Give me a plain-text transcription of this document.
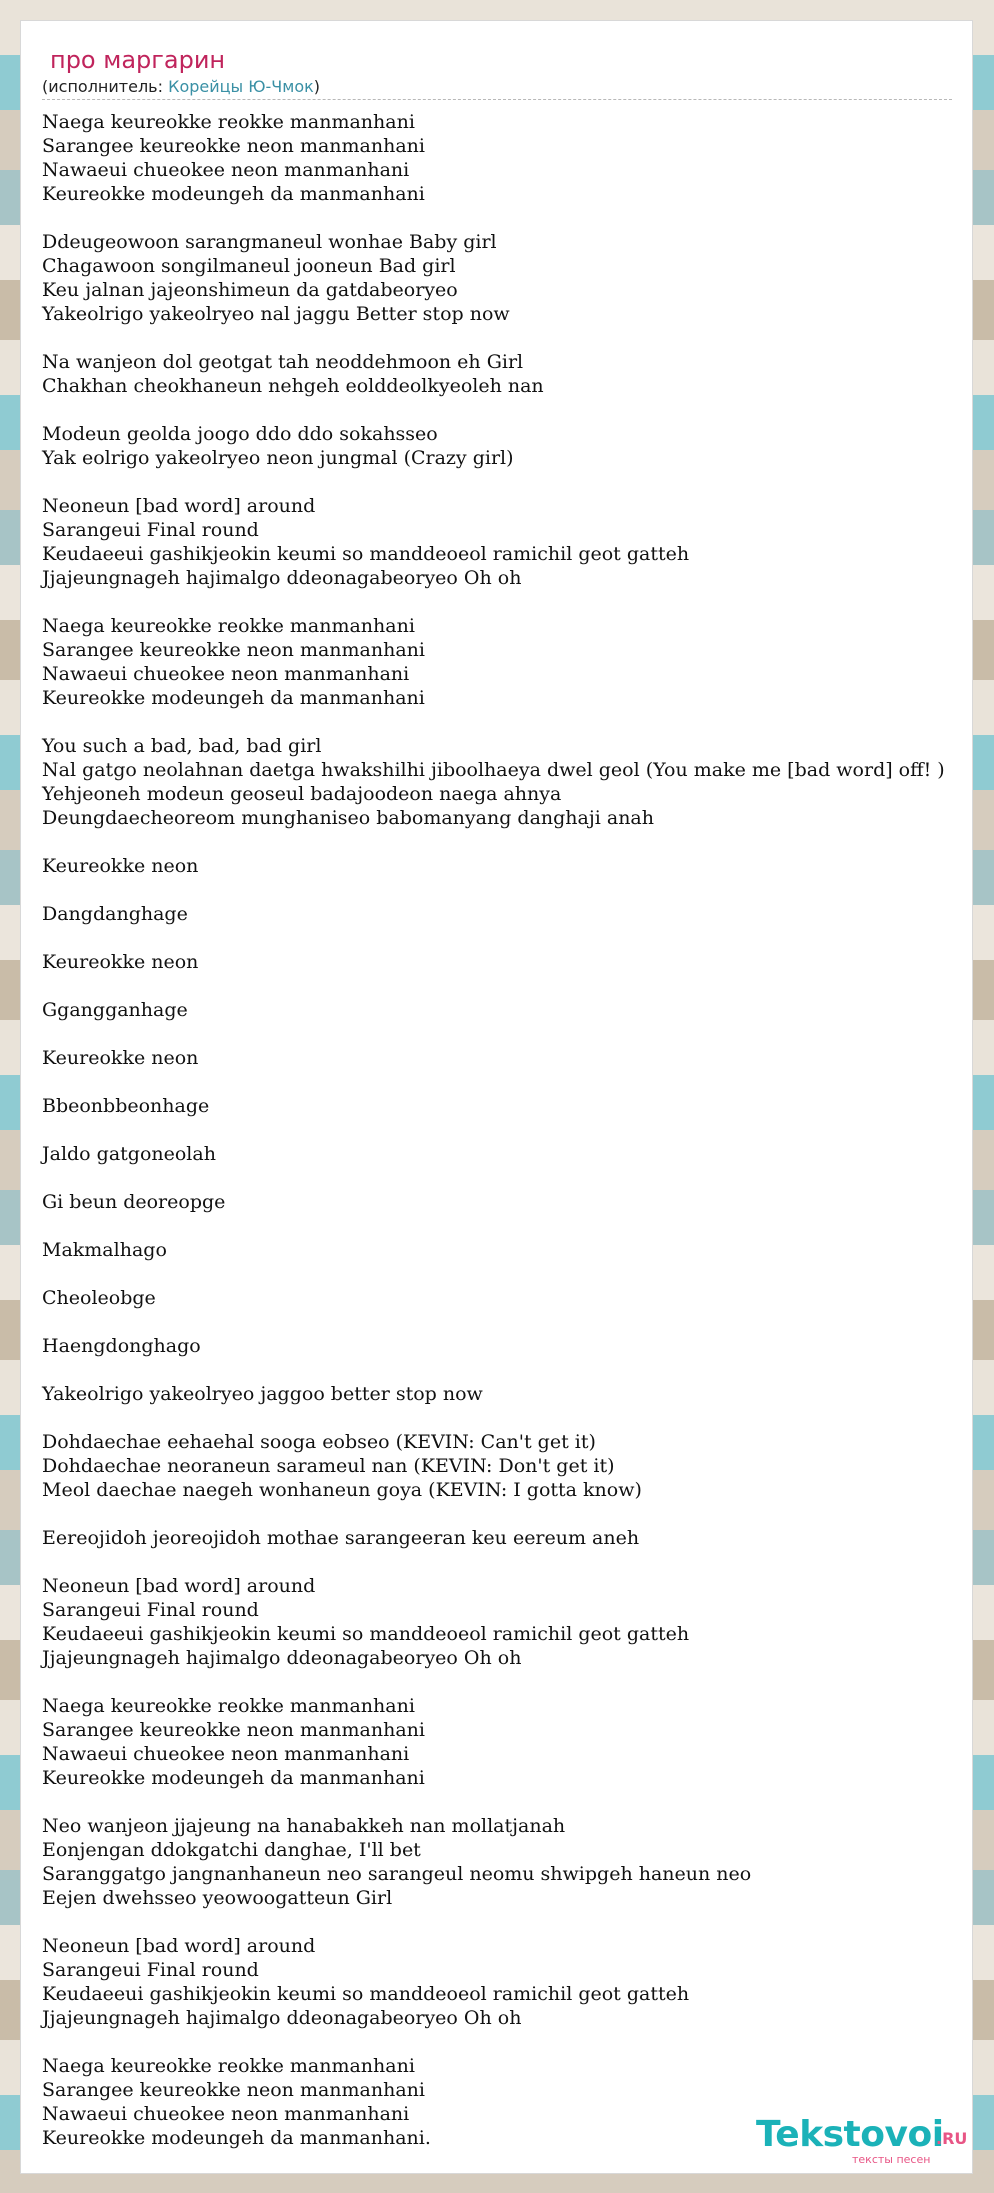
про маргарин
(исполнитель: Корейцы Ю-Чмок)
Naega keureokke reokke manmanhani
Sarangee keureokke neon manmanhani
Nawaeui chueokee neon manmanhani
Keureokke modeungeh da manmanhani
Ddeugeowoon sarangmaneul wonhae Baby girl
Chagawoon songilmaneul jooneun Bad girl
Keu jalnan jajeonshimeun da gatdabeoryeo
Yakeolrigo yakeolryeo nal jaggu Better stop now
Na wanjeon dol geotgat tah neoddehmoon eh Girl
Chakhan cheokhaneun nehgeh eolddeolkyeoleh nan
Modeun geolda joogo ddo ddo sokahsseo
Yak eolrigo yakeolryeo neon jungmal (Crazy girl)
Neoneun [bad word] around
Sarangeui Final round
Keudaeeui gashikjeokin keumi so manddeoeol ramichil geot gatteh
Jjajeungnageh hajimalgo ddeonagabeoryeo Oh oh
Naega keureokke reokke manmanhani
Sarangee keureokke neon manmanhani
Nawaeui chueokee neon manmanhani
Keureokke modeungeh da manmanhani
You such a bad, bad, bad girl
Nal gatgo neolahnan daetga hwakshilhi jiboolhaeya dwel geol (You make me [bad word] off! )
Yehjeoneh modeun geoseul badajoodeon naega ahnya
Deungdaecheoreom munghaniseo babomanyang danghaji anah
Keureokke neon
Dangdanghage
Keureokke neon
Ggangganhage
Keureokke neon
Bbeonbbeonhage
Jaldo gatgoneolah
Gi beun deoreopge
Makmalhago
Cheoleobge
Haengdonghago
Yakeolrigo yakeolryeo jaggoo better stop now
Dohdaechae eehaehal sooga eobseo (KEVIN: Can't get it)
Dohdaechae neoraneun sarameul nan (KEVIN: Don't get it)
Meol daechae naegeh wonhaneun goya (KEVIN: I gotta know)
Eereojidoh jeoreojidoh mothae sarangeeran keu eereum aneh
Neoneun [bad word] around
Sarangeui Final round
Keudaeeui gashikjeokin keumi so manddeoeol ramichil geot gatteh
Jjajeungnageh hajimalgo ddeonagabeoryeo Oh oh
Naega keureokke reokke manmanhani
Sarangee keureokke neon manmanhani
Nawaeui chueokee neon manmanhani
Keureokke modeungeh da manmanhani
Neo wanjeon jjajeung na hanabakkeh nan mollatjanah
Eonjengan ddokgatchi danghae, I'll bet
Saranggatgo jangnanhaneun neo sarangeul neomu shwipgeh haneun neo
Eejen dwehsseo yeowoogatteun Girl
Neoneun [bad word] around
Sarangeui Final round
Keudaeeui gashikjeokin keumi so manddeoeol ramichil geot gatteh
Jjajeungnageh hajimalgo ddeonagabeoryeo Oh oh
Naega keureokke reokke manmanhani
Sarangee keureokke neon manmanhani
Nawaeui chueokee neon manmanhani
Keureokke modeungeh da manmanhani.	Tekstovoi
.RU
тексты песен
